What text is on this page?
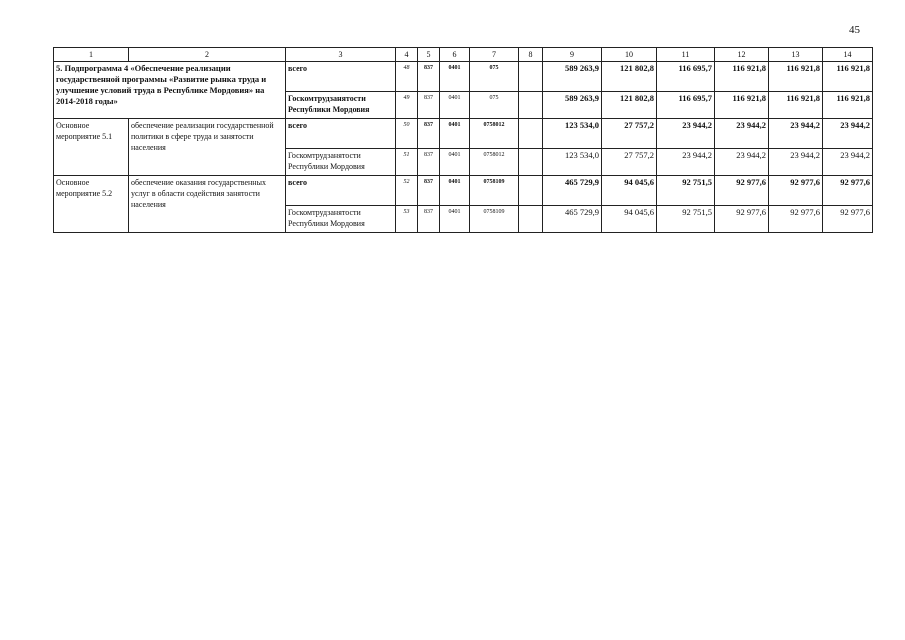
45
1	2	3	4	5	6	7	8	9	10	11	12	13	14
5. Подпрограмма 4 «Обеспечение реализации государственной программы «Развитие рынка труда и улучшение условий труда в Республике Мордовия» на 2014-2018 годы»		всего	48	837	0401	075		589 263,9	121 802,8	116 695,7	116 921,8	116 921,8	116 921,8
		Госкомтрудзанятости Республики Мордовия	49	837	0401	075		589 263,9	121 802,8	116 695,7	116 921,8	116 921,8	116 921,8
Основное мероприятие 5.1	обеспечение реализации государственной политики в сфере труда и занятости населения	всего	50	837	0401	0758012		123 534,0	27 757,2	23 944,2	23 944,2	23 944,2	23 944,2
		Госкомтрудзанятости Республики Мордовия	51	837	0401	0758012		123 534,0	27 757,2	23 944,2	23 944,2	23 944,2	23 944,2
Основное мероприятие 5.2	обеспечение оказания государственных услуг в области содействия занятости населения	всего	52	837	0401	0758109		465 729,9	94 045,6	92 751,5	92 977,6	92 977,6	92 977,6
		Госкомтрудзанятости Республики Мордовия	53	837	0401	0758109		465 729,9	94 045,6	92 751,5	92 977,6	92 977,6	92 977,6
